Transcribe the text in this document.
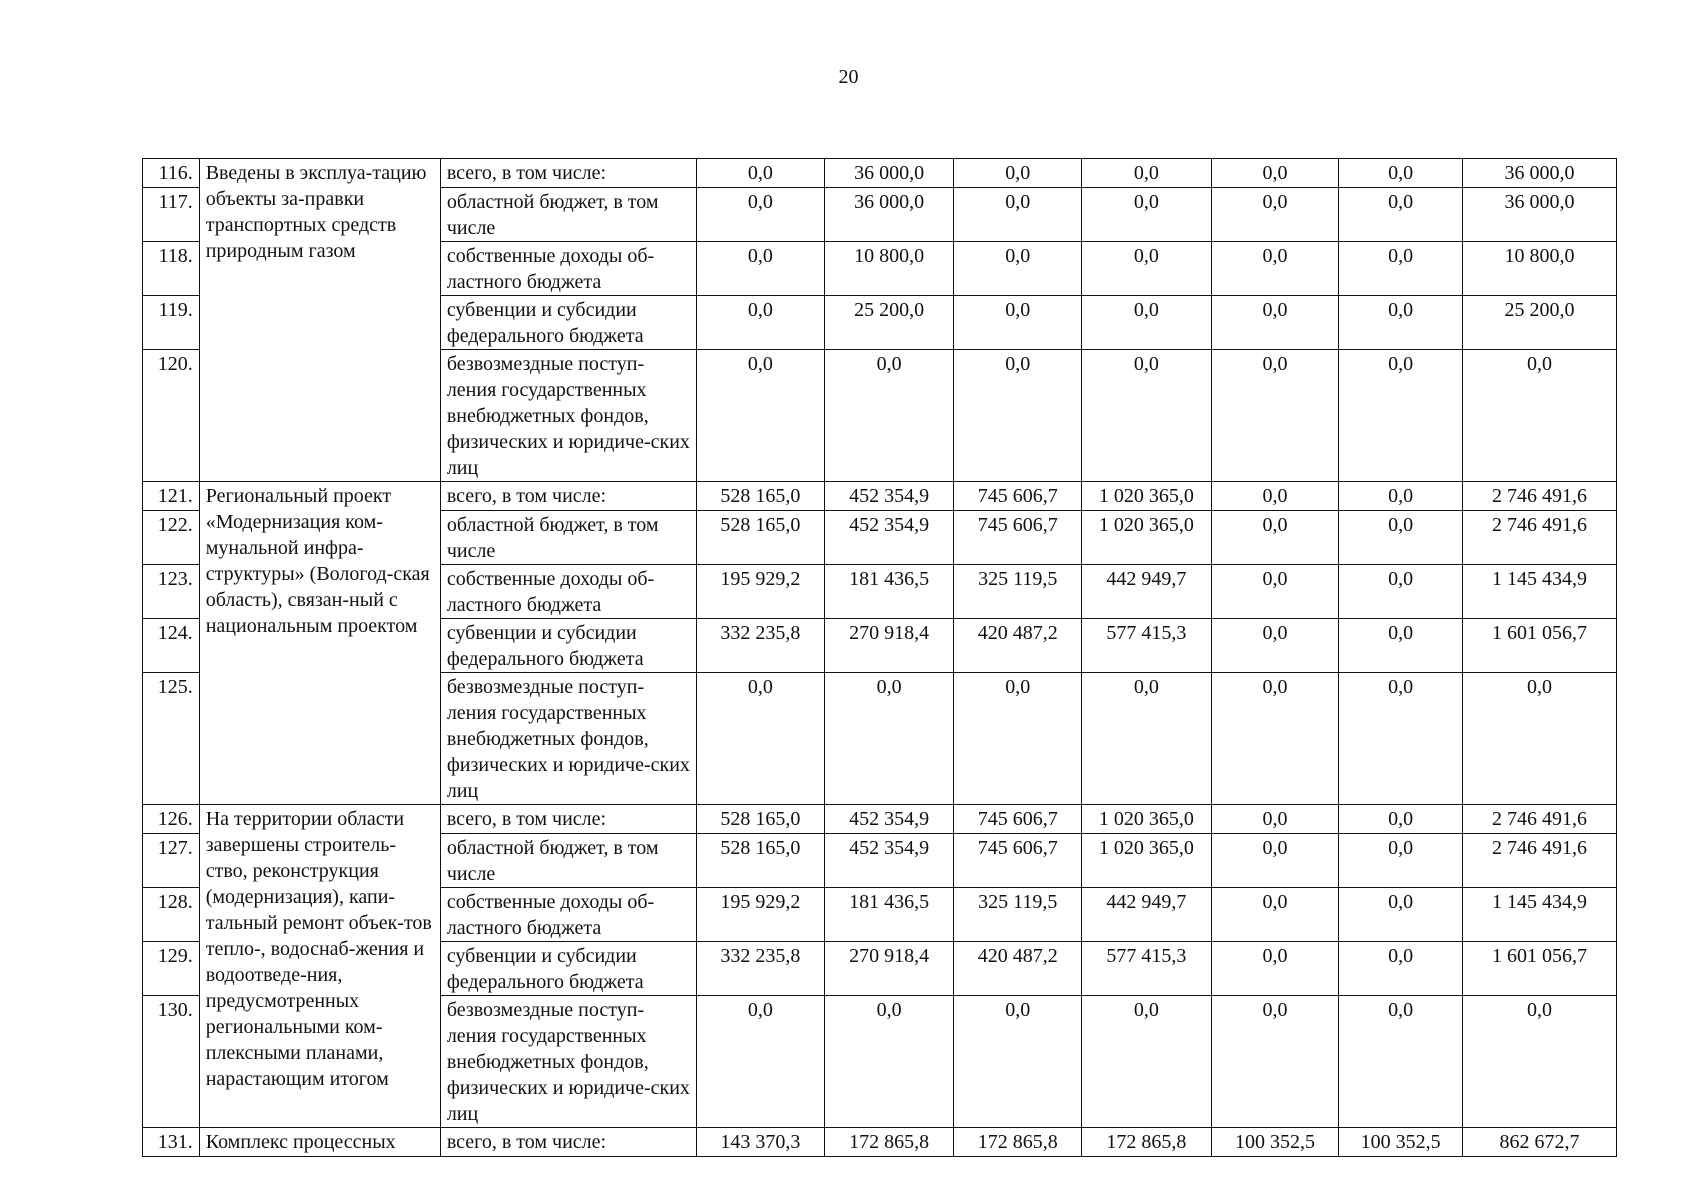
20
116.	Введены в эксплуа-тацию объекты за-правки транспортных средств природным газом	всего, в том числе:	0,0	36 000,0	0,0	0,0	0,0	0,0	36 000,0
117.		областной бюджет, в том числе	0,0	36 000,0	0,0	0,0	0,0	0,0	36 000,0
118.		собственные доходы об-ластного бюджета	0,0	10 800,0	0,0	0,0	0,0	0,0	10 800,0
119.		субвенции и субсидии федерального бюджета	0,0	25 200,0	0,0	0,0	0,0	0,0	25 200,0
120.		безвозмездные поступ-ления государственных внебюджетных фондов, физических и юридиче-ских лиц	0,0	0,0	0,0	0,0	0,0	0,0	0,0
121.	Региональный проект «Модернизация ком-мунальной инфра-структуры» (Вологод-ская область), связан-ный с национальным проектом	всего, в том числе:	528 165,0	452 354,9	745 606,7	1 020 365,0	0,0	0,0	2 746 491,6
122.		областной бюджет, в том числе	528 165,0	452 354,9	745 606,7	1 020 365,0	0,0	0,0	2 746 491,6
123.		собственные доходы об-ластного бюджета	195 929,2	181 436,5	325 119,5	442 949,7	0,0	0,0	1 145 434,9
124.		субвенции и субсидии федерального бюджета	332 235,8	270 918,4	420 487,2	577 415,3	0,0	0,0	1 601 056,7
125.		безвозмездные поступ-ления государственных внебюджетных фондов, физических и юридиче-ских лиц	0,0	0,0	0,0	0,0	0,0	0,0	0,0
126.	На территории области завершены строитель-ство, реконструкция (модернизация), капи-тальный ремонт объек-тов тепло-, водоснаб-жения и водоотведе-ния, предусмотренных региональными ком-плексными планами, нарастающим итогом	всего, в том числе:	528 165,0	452 354,9	745 606,7	1 020 365,0	0,0	0,0	2 746 491,6
127.		областной бюджет, в том числе	528 165,0	452 354,9	745 606,7	1 020 365,0	0,0	0,0	2 746 491,6
128.		собственные доходы об-ластного бюджета	195 929,2	181 436,5	325 119,5	442 949,7	0,0	0,0	1 145 434,9
129.		субвенции и субсидии федерального бюджета	332 235,8	270 918,4	420 487,2	577 415,3	0,0	0,0	1 601 056,7
130.		безвозмездные поступ-ления государственных внебюджетных фондов, физических и юридиче-ских лиц	0,0	0,0	0,0	0,0	0,0	0,0	0,0
131.	Комплекс процессных	всего, в том числе:	143 370,3	172 865,8	172 865,8	172 865,8	100 352,5	100 352,5	862 672,7
